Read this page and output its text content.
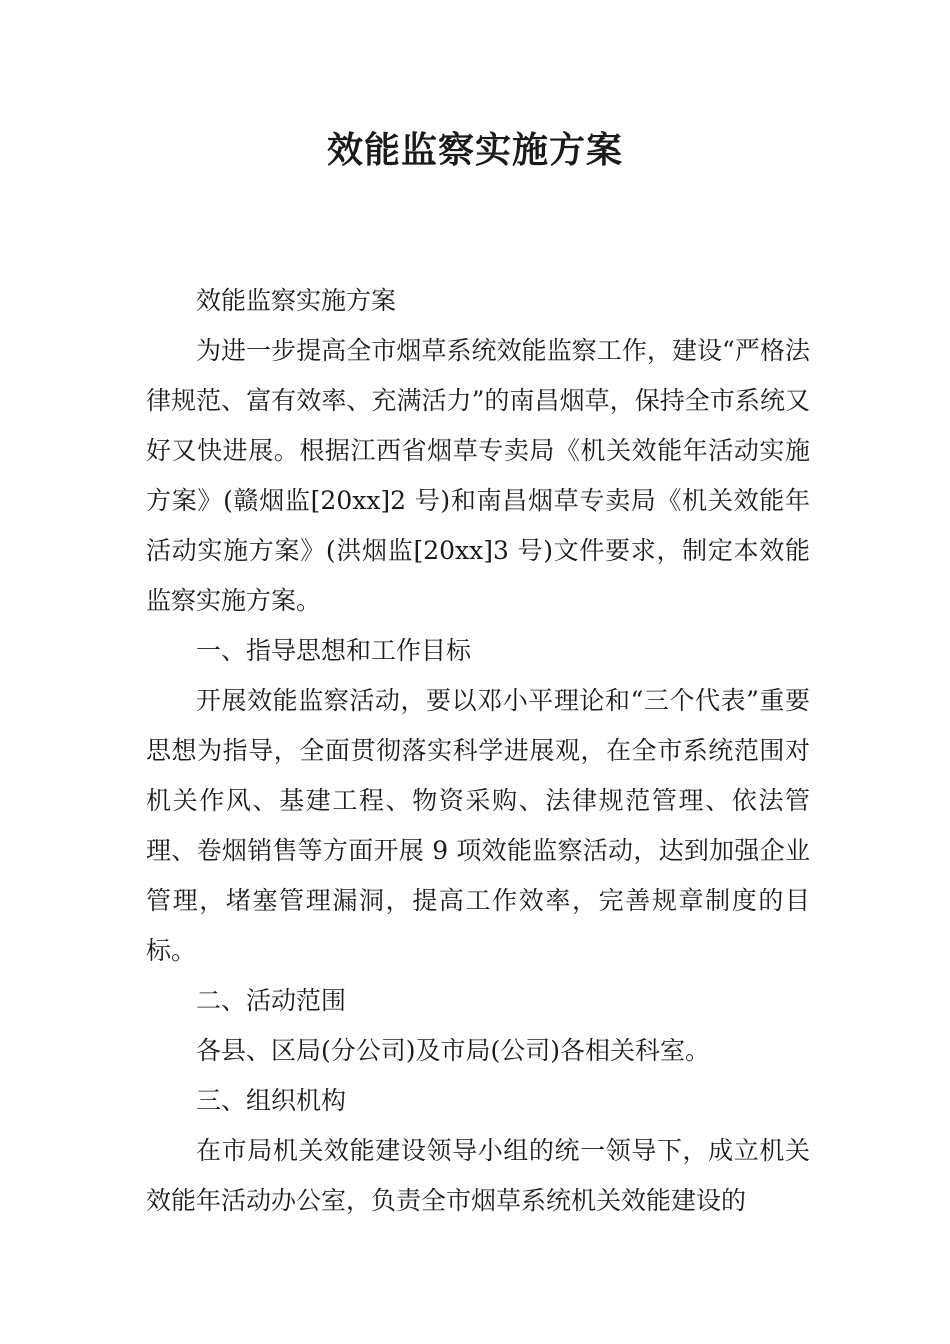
效能监察实施方案

效能监察实施方案

为进一步提高全市烟草系统效能监察工作，建设“严格法律规范、富有效率、充满活力”的南昌烟草，保持全市系统又好又快进展。根据江西省烟草专卖局《机关效能年活动实施方案》(赣烟监[20xx]2 号)和南昌烟草专卖局《机关效能年活动实施方案》(洪烟监[20xx]3 号)文件要求，制定本效能监察实施方案。

一、指导思想和工作目标

开展效能监察活动，要以邓小平理论和“三个代表”重要思想为指导，全面贯彻落实科学进展观，在全市系统范围对机关作风、基建工程、物资采购、法律规范管理、依法管理、卷烟销售等方面开展 9 项效能监察活动，达到加强企业管理，堵塞管理漏洞，提高工作效率，完善规章制度的目标。

二、活动范围

各县、区局(分公司)及市局(公司)各相关科室。

三、组织机构

在市局机关效能建设领导小组的统一领导下，成立机关效能年活动办公室，负责全市烟草系统机关效能建设的
